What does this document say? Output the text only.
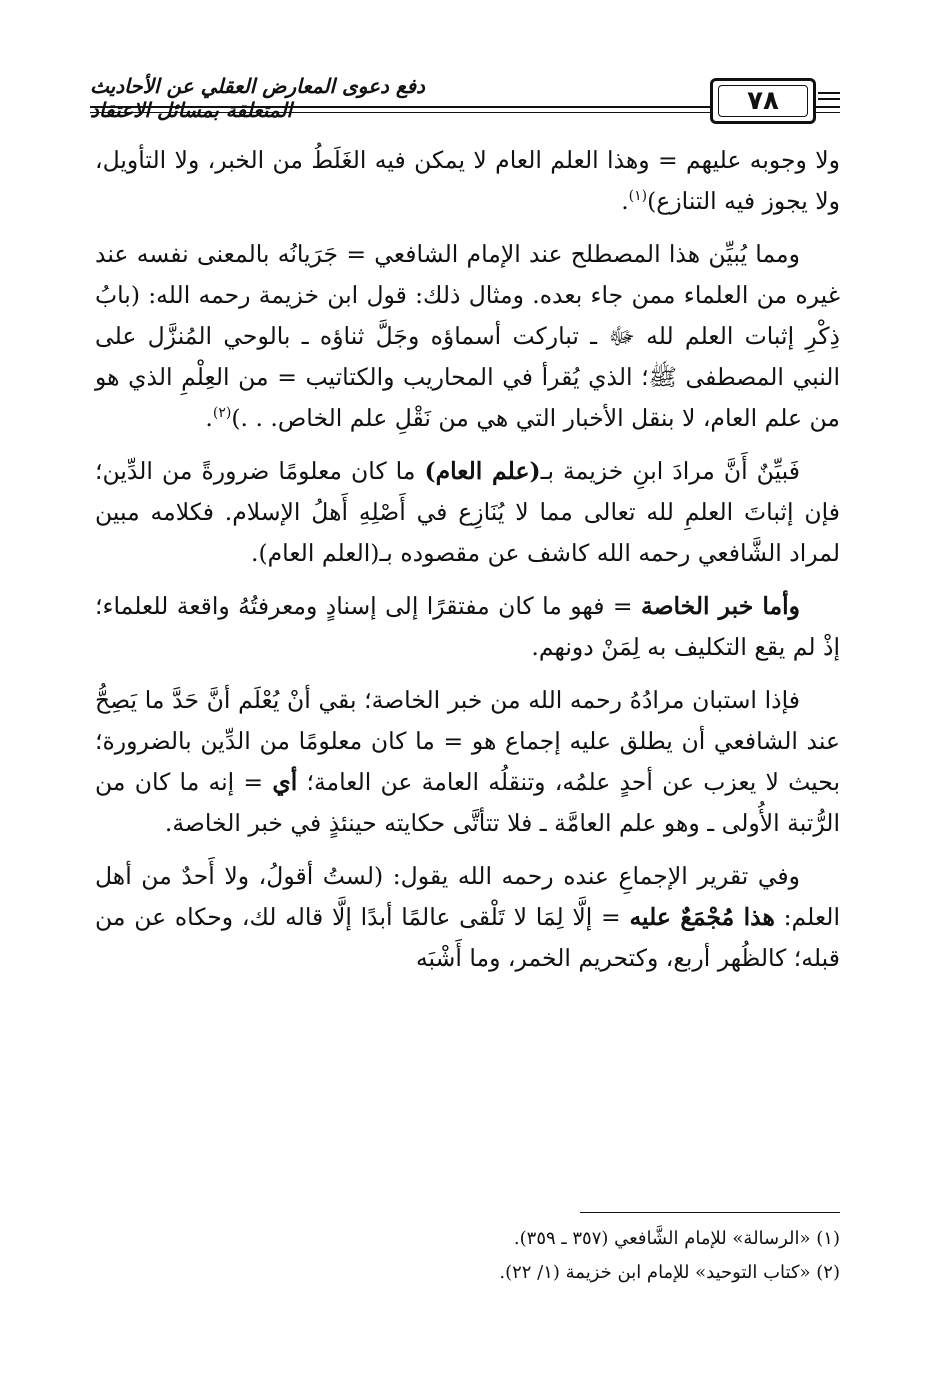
دفع دعوى المعارض العقلي عن الأحاديث المتعلقة بمسائل الاعتقاد	٧٨

ولا وجوبه عليهم = وهذا العلم العام لا يمكن فيه الغَلَطُ من الخبر، ولا التأويل، ولا يجوز فيه التنازع)$^{(١)}$.

ومما يُبيِّن هذا المصطلح عند الإمام الشافعي = جَرَيانُه بالمعنى نفسه عند غيره من العلماء ممن جاء بعده. ومثال ذلك: قول ابن خزيمة رحمه الله: (بابُ ذِكْرِ إثبات العلم لله ﷻ ـ تباركت أسماؤه وجَلَّ ثناؤه ـ بالوحي المُنزَّل على النبي المصطفى ﷺ؛ الذي يُقرأ في المحاريب والكتاتيب = من العِلْمِ الذي هو من علم العام، لا بنقل الأخبار التي هي من نَقْلِ علم الخاص. . .)$^{(٢)}$.

فَبيِّنٌ أَنَّ مرادَ ابنِ خزيمة بـ(علم العام) ما كان معلومًا ضرورةً من الدِّين؛ فإن إثباتَ العلمِ لله تعالى مما لا يُنَازِع في أَصْلِهِ أَهلُ الإسلام. فكلامه مبين لمراد الشَّافعي رحمه الله كاشف عن مقصوده بـ(العلم العام).

وأما خبر الخاصة = فهو ما كان مفتقرًا إلى إسنادٍ ومعرفتُهُ واقعة للعلماء؛ إذْ لم يقع التكليف به لِمَنْ دونهم.

فإذا استبان مرادُهُ رحمه الله من خبر الخاصة؛ بقي أنْ يُعْلَم أنَّ حَدَّ ما يَصِحُّ عند الشافعي أن يطلق عليه إجماع هو = ما كان معلومًا من الدِّين بالضرورة؛ بحيث لا يعزب عن أحدٍ علمُه، وتنقلُه العامة عن العامة؛ أي = إنه ما كان من الرُّتبة الأُولى ـ وهو علم العامَّة ـ فلا تتأتَّى حكايته حينئذٍ في خبر الخاصة.

وفي تقرير الإجماعِ عنده رحمه الله يقول: (لستُ أقولُ، ولا أَحدٌ من أهل العلم: هذا مُجْمَعٌ عليه = إلَّا لِمَا لا تَلْقى عالمًا أبدًا إلَّا قاله لك، وحكاه عن من قبله؛ كالظُهر أربع، وكتحريم الخمر، وما أَشْبَه

(١) «الرسالة» للإمام الشَّافعي (٣٥٧ ـ ٣٥٩).

(٢) «كتاب التوحيد» للإمام ابن خزيمة (١/ ٢٢).
